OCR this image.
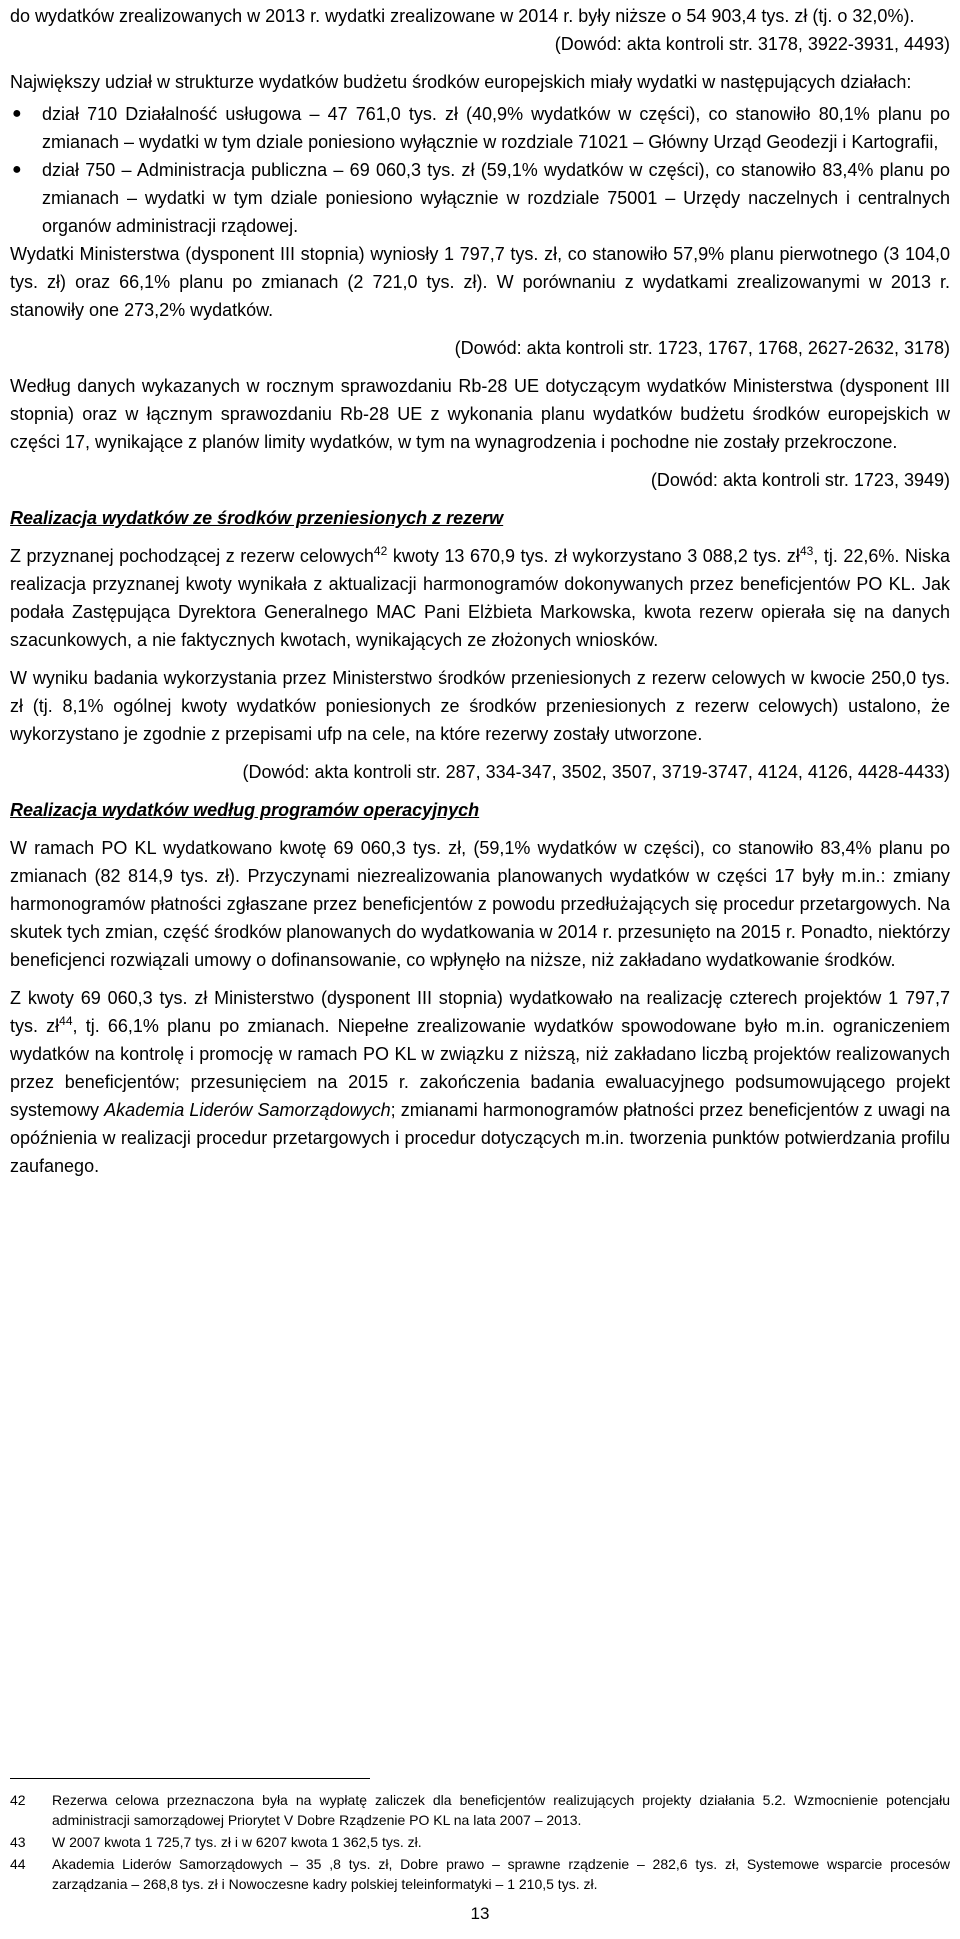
do wydatków zrealizowanych w 2013 r. wydatki zrealizowane w 2014 r. były niższe o 54 903,4 tys. zł (tj. o 32,0%).

(Dowód: akta kontroli str. 3178, 3922-3931, 4493)

Największy udział w strukturze wydatków budżetu środków europejskich miały wydatki w następujących działach:

● dział 710 Działalność usługowa – 47 761,0 tys. zł (40,9% wydatków w części), co stanowiło 80,1% planu po zmianach – wydatki w tym dziale poniesiono wyłącznie w rozdziale 71021 – Główny Urząd Geodezji i Kartografii,
● dział 750 – Administracja publiczna – 69 060,3 tys. zł (59,1% wydatków w części), co stanowiło 83,4% planu po zmianach – wydatki w tym dziale poniesiono wyłącznie w rozdziale 75001 – Urzędy naczelnych i centralnych organów administracji rządowej.

Wydatki Ministerstwa (dysponent III stopnia) wyniosły 1 797,7 tys. zł, co stanowiło 57,9% planu pierwotnego (3 104,0 tys. zł) oraz 66,1% planu po zmianach (2 721,0 tys. zł). W porównaniu z wydatkami zrealizowanymi w 2013 r. stanowiły one 273,2% wydatków.

(Dowód: akta kontroli str. 1723, 1767, 1768, 2627-2632, 3178)

Według danych wykazanych w rocznym sprawozdaniu Rb-28 UE dotyczącym wydatków Ministerstwa (dysponent III stopnia) oraz w łącznym sprawozdaniu Rb-28 UE z wykonania planu wydatków budżetu środków europejskich w części 17, wynikające z planów limity wydatków, w tym na wynagrodzenia i pochodne nie zostały przekroczone.

(Dowód: akta kontroli str. 1723, 3949)

Realizacja wydatków ze środków przeniesionych z rezerw

Z przyznanej pochodzącej z rezerw celowych$^{42}$ kwoty 13 670,9 tys. zł wykorzystano 3 088,2 tys. $zł^{43}$, tj. 22,6%. Niska realizacja przyznanej kwoty wynikała z aktualizacji harmonogramów dokonywanych przez beneficjentów PO KL. Jak podała Zastępująca Dyrektora Generalnego MAC Pani Elżbieta Markowska, kwota rezerw opierała się na danych szacunkowych, a nie faktycznych kwotach, wynikających ze złożonych wniosków.

W wyniku badania wykorzystania przez Ministerstwo środków przeniesionych z rezerw celowych w kwocie 250,0 tys. zł (tj. 8,1% ogólnej kwoty wydatków poniesionych ze środków przeniesionych z rezerw celowych) ustalono, że wykorzystano je zgodnie z przepisami ufp na cele, na które rezerwy zostały utworzone.

(Dowód: akta kontroli str. 287, 334-347, 3502, 3507, 3719-3747, 4124, 4126, 4428-4433)

Realizacja wydatków według programów operacyjnych

W ramach PO KL wydatkowano kwotę 69 060,3 tys. zł, (59,1% wydatków w części), co stanowiło 83,4% planu po zmianach (82 814,9 tys. zł). Przyczynami niezrealizowania planowanych wydatków w części 17 były m.in.: zmiany harmonogramów płatności zgłaszane przez beneficjentów z powodu przedłużających się procedur przetargowych. Na skutek tych zmian, część środków planowanych do wydatkowania w 2014 r. przesunięto na 2015 r. Ponadto, niektórzy beneficjenci rozwiązali umowy o dofinansowanie, co wpłynęło na niższe, niż zakładano wydatkowanie środków.

Z kwoty 69 060,3 tys. zł Ministerstwo (dysponent III stopnia) wydatkowało na realizację czterech projektów 1 797,7 tys. $zł^{44}$, tj. 66,1% planu po zmianach. Niepełne zrealizowanie wydatków spowodowane było m.in. ograniczeniem wydatków na kontrolę i promocję w ramach PO KL w związku z niższą, niż zakładano liczbą projektów realizowanych przez beneficjentów; przesunięciem na 2015 r. zakończenia badania ewaluacyjnego podsumowującego projekt systemowy Akademia Liderów Samorządowych; zmianami harmonogramów płatności przez beneficjentów z uwagi na opóźnienia w realizacji procedur przetargowych i procedur dotyczących m.in. tworzenia punktów potwierdzania profilu zaufanego.

42	Rezerwa celowa przeznaczona była na wypłatę zaliczek dla beneficjentów realizujących projekty działania 5.2. Wzmocnienie potencjału administracji samorządowej Priorytet V Dobre Rządzenie PO KL na lata 2007 – 2013.
43	W 2007 kwota 1 725,7 tys. zł i w 6207 kwota 1 362,5 tys. zł.
44	Akademia Liderów Samorządowych – 35 ,8 tys. zł, Dobre prawo – sprawne rządzenie – 282,6 tys. zł, Systemowe wsparcie procesów zarządzania – 268,8 tys. zł i Nowoczesne kadry polskiej teleinformatyki – 1 210,5 tys. zł.
13
